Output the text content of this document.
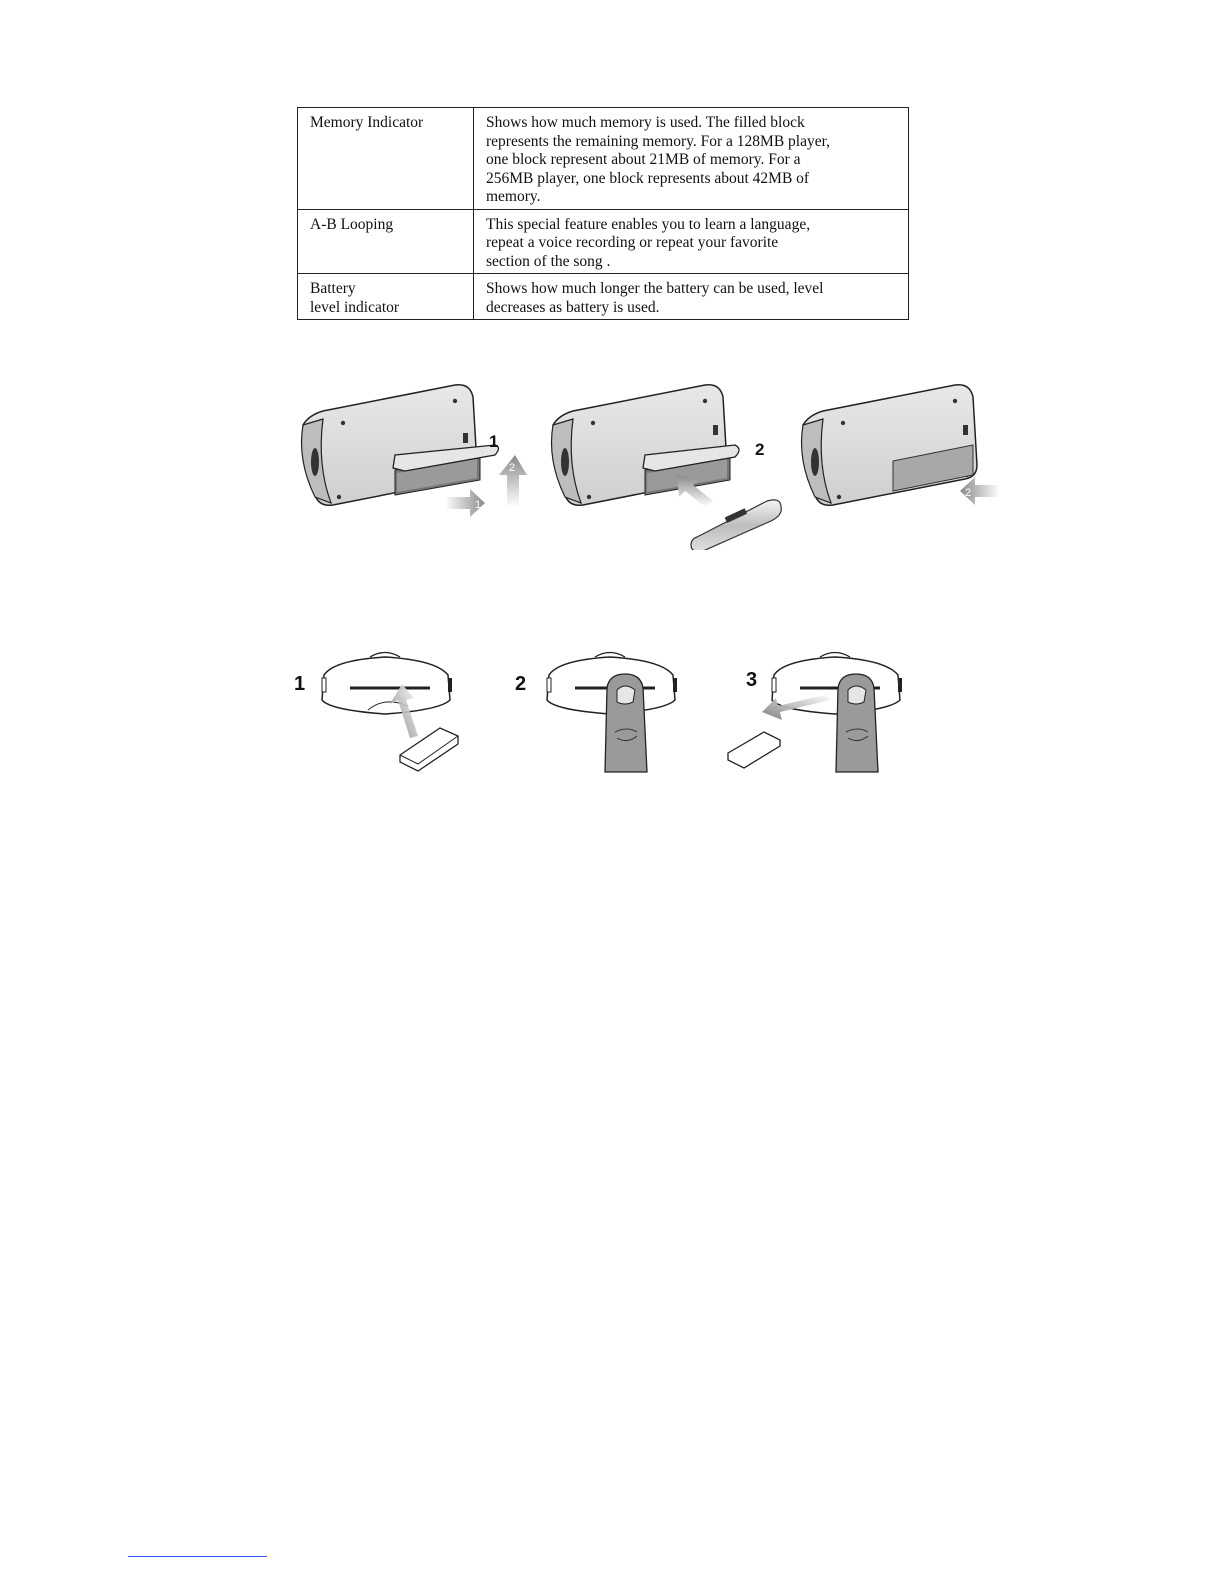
Memory Indicator	Shows how much memory is used. The filled block
represents the remaining memory. For a 128MB player,
one block represent about 21MB of memory. For a
256MB player, one block represents about 42MB of
memory.
A-B Looping	This special feature enables you to learn a language,
repeat a voice recording or repeat your favorite
section of the song .
Battery
level indicator	Shows how much longer the battery can be used, level
decreases as battery is used.
1
1
2
2
2
1	2	3
